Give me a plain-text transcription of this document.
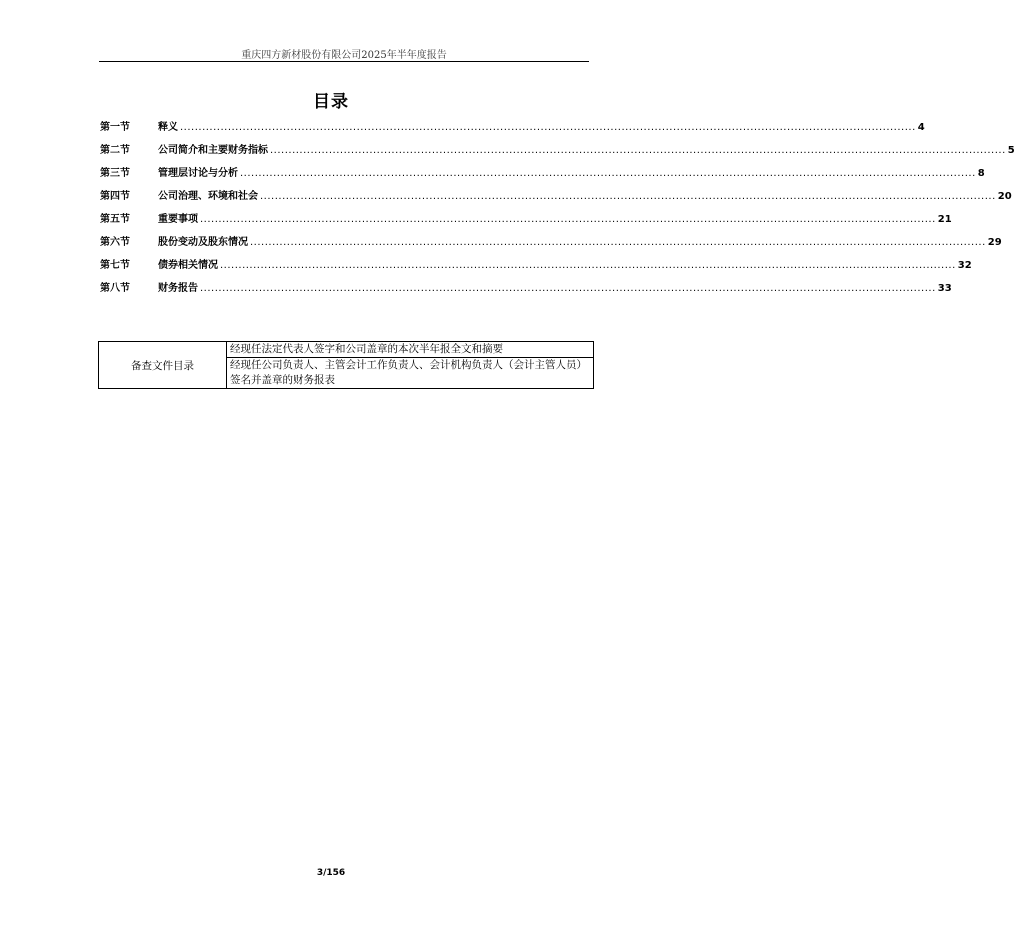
重庆四方新材股份有限公司2025年半年度报告
目录
第一节	释义 ........................................................................................................................................................................................................ 4
第二节	公司简介和主要财务指标 ........................................................................................................................................................................................................ 5
第三节	管理层讨论与分析 ........................................................................................................................................................................................................ 8
第四节	公司治理、环境和社会 ........................................................................................................................................................................................................ 20
第五节	重要事项 ........................................................................................................................................................................................................ 21
第六节	股份变动及股东情况 ........................................................................................................................................................................................................ 29
第七节	债券相关情况 ........................................................................................................................................................................................................ 32
第八节	财务报告 ........................................................................................................................................................................................................ 33
备查文件目录	经现任法定代表人签字和公司盖章的本次半年报全文和摘要
经现任公司负责人、主管会计工作负责人、会计机构负责人（会计主管人员）签名并盖章的财务报表
3/156
